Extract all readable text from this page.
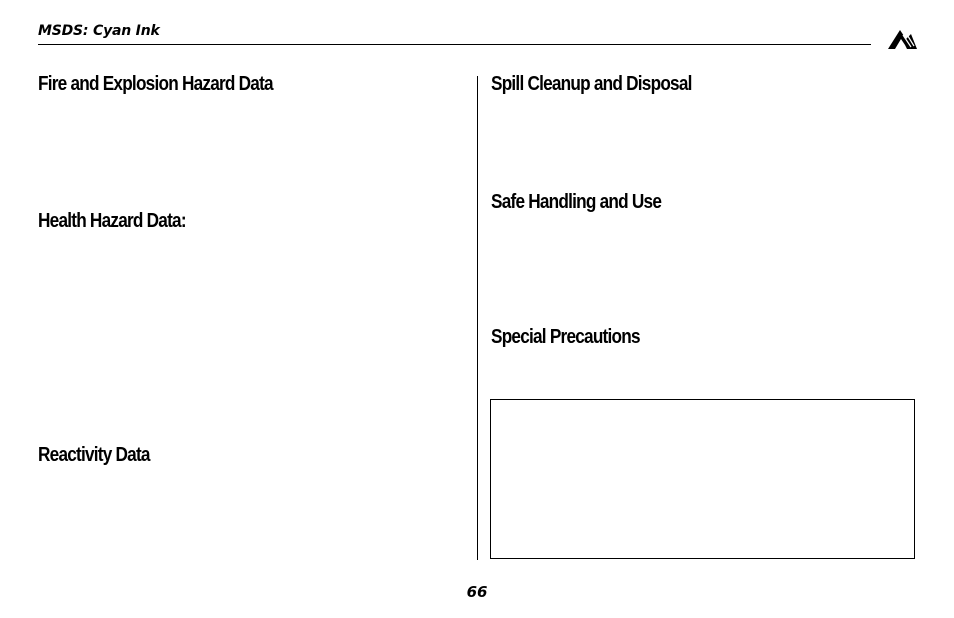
MSDS: Cyan Ink
Fire and Explosion Hazard Data
Health Hazard Data:
Reactivity Data
Spill Cleanup and Disposal
Safe Handling and Use
Special Precautions
66
